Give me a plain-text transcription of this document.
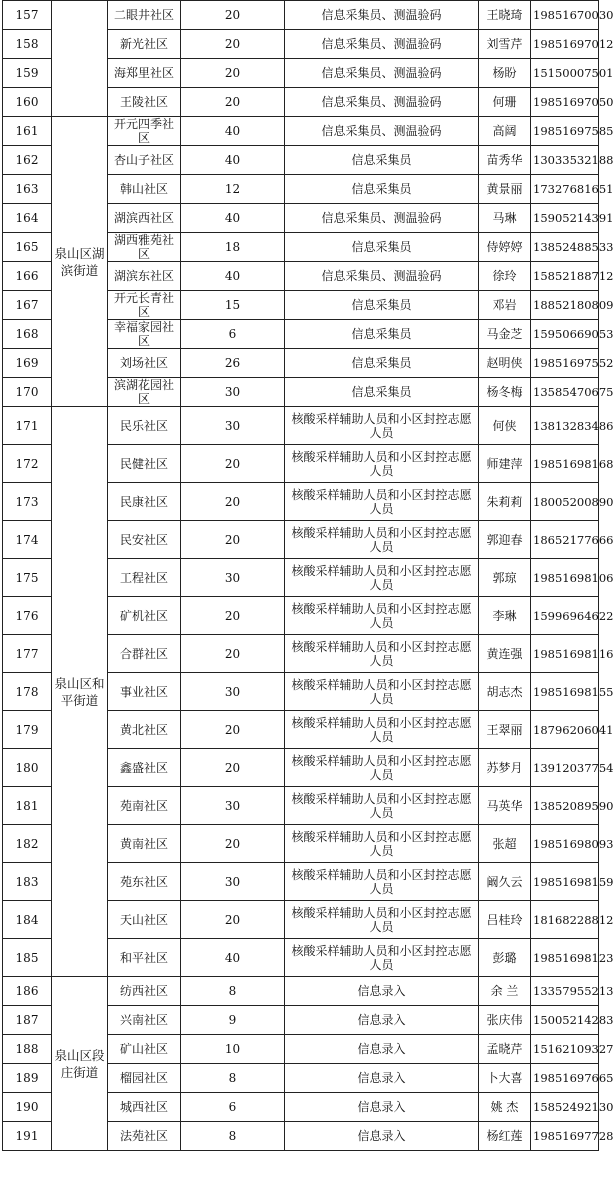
157		二眼井社区	20	信息采集员、测温验码	王晓琦	19851670030
158		新光社区	20	信息采集员、测温验码	刘雪芹	19851697012
159		海郑里社区	20	信息采集员、测温验码	杨盼	15150007501
160		王陵社区	20	信息采集员、测温验码	何珊	19851697050
161	泉山区湖滨街道	开元四季社区	40	信息采集员、测温验码	高阔	19851697585
162		杏山子社区	40	信息采集员	苗秀华	13033532188
163		韩山社区	12	信息采集员	黄景丽	17327681651
164		湖滨西社区	40	信息采集员、测温验码	马琳	15905214391
165		湖西雅苑社区	18	信息采集员	侍婷婷	13852488533
166		湖滨东社区	40	信息采集员、测温验码	徐玲	15852188712
167		开元长青社区	15	信息采集员	邓岩	18852180809
168		幸福家园社区	6	信息采集员	马金芝	15950669053
169		刘场社区	26	信息采集员	赵明侠	19851697552
170		滨湖花园社区	30	信息采集员	杨冬梅	13585470675
171	泉山区和平街道	民乐社区	30	核酸采样辅助人员和小区封控志愿人员	何侠	13813283486
172		民健社区	20	核酸采样辅助人员和小区封控志愿人员	师建萍	19851698168
173		民康社区	20	核酸采样辅助人员和小区封控志愿人员	朱莉莉	18005200890
174		民安社区	20	核酸采样辅助人员和小区封控志愿人员	郭迎春	18652177666
175		工程社区	30	核酸采样辅助人员和小区封控志愿人员	郭琼	19851698106
176		矿机社区	20	核酸采样辅助人员和小区封控志愿人员	李琳	15996964622
177		合群社区	20	核酸采样辅助人员和小区封控志愿人员	黄连强	19851698116
178		事业社区	30	核酸采样辅助人员和小区封控志愿人员	胡志杰	19851698155
179		黄北社区	20	核酸采样辅助人员和小区封控志愿人员	王翠丽	18796206041
180		鑫盛社区	20	核酸采样辅助人员和小区封控志愿人员	苏梦月	13912037754
181		苑南社区	30	核酸采样辅助人员和小区封控志愿人员	马英华	13852089590
182		黄南社区	20	核酸采样辅助人员和小区封控志愿人员	张超	19851698093
183		苑东社区	30	核酸采样辅助人员和小区封控志愿人员	阚久云	19851698159
184		天山社区	20	核酸采样辅助人员和小区封控志愿人员	吕桂玲	18168228812
185		和平社区	40	核酸采样辅助人员和小区封控志愿人员	彭璐	19851698123
186	泉山区段庄街道	纺西社区	8	信息录入	余 兰	13357955213
187		兴南社区	9	信息录入	张庆伟	15005214283
188		矿山社区	10	信息录入	孟晓芹	15162109327
189		榴园社区	8	信息录入	卜大喜	19851697665
190		城西社区	6	信息录入	姚 杰	15852492130
191		法苑社区	8	信息录入	杨红莲	19851697728
